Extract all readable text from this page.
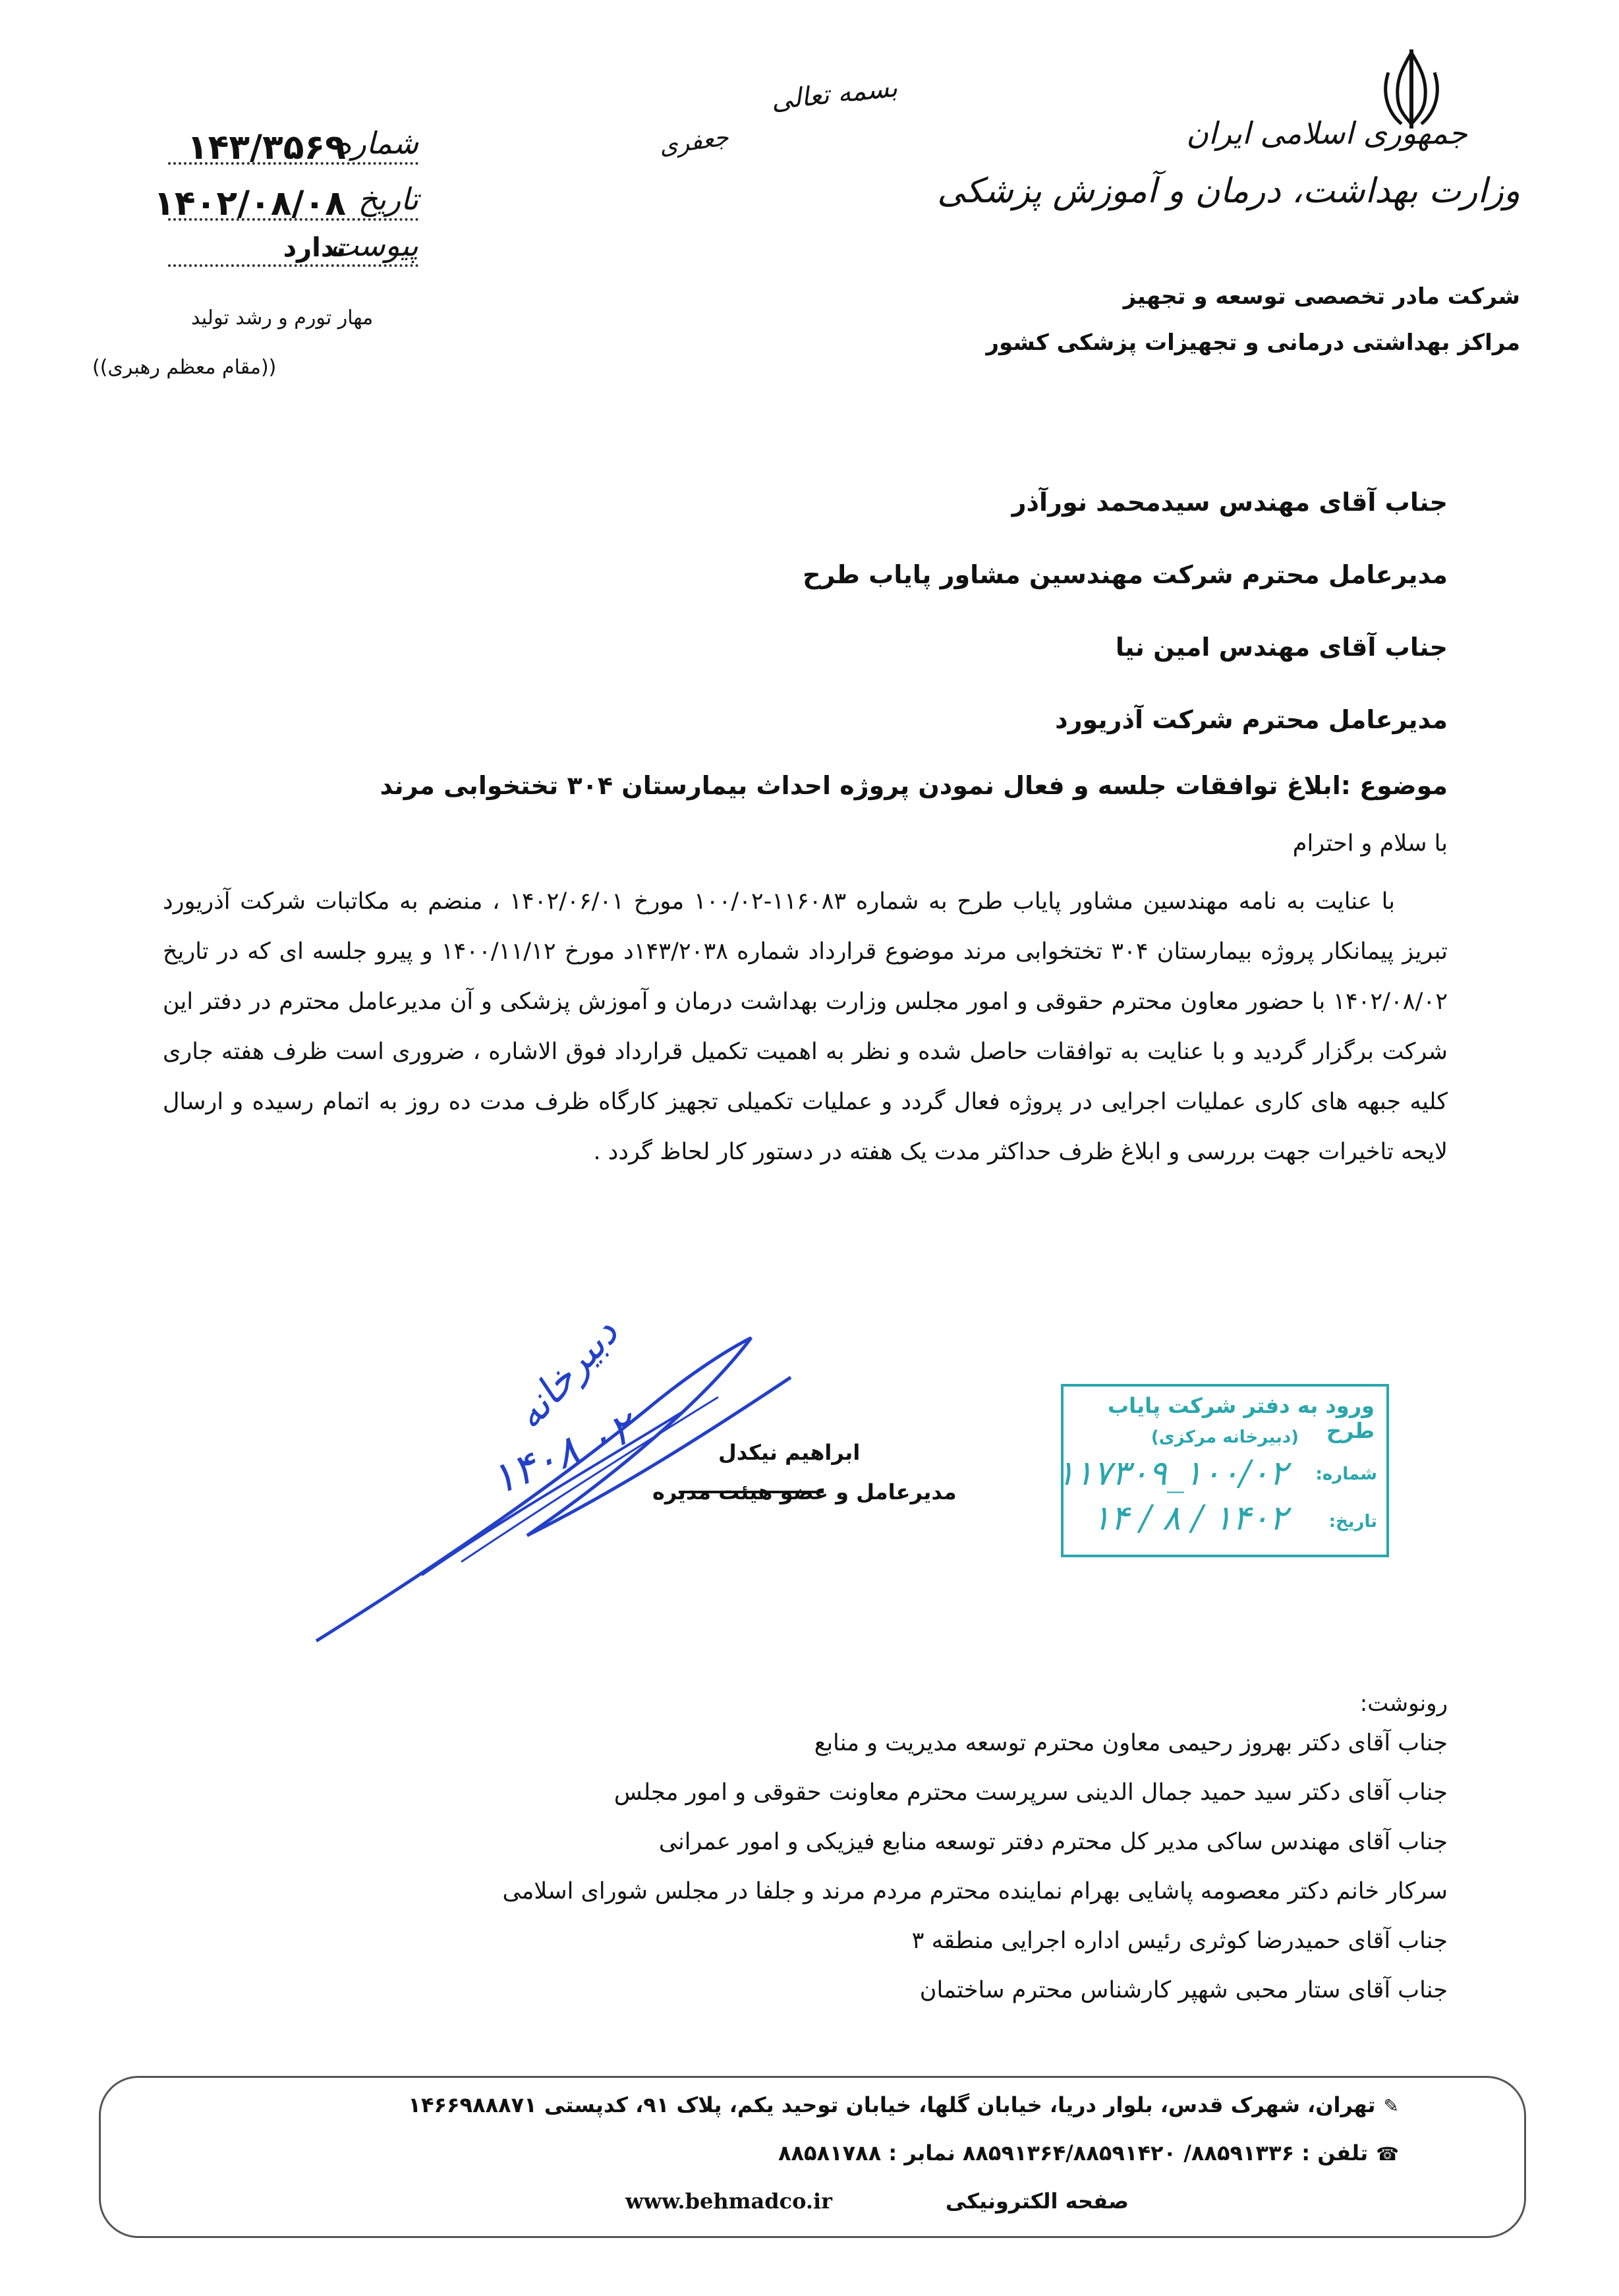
جمهوری اسلامی ایران
وزارت بهداشت، درمان و آموزش پزشکی
شرکت مادر تخصصی توسعه و تجهیز
مراکز بهداشتی درمانی و تجهیزات پزشکی کشور
بسمه تعالی
جعفری
شماره
۱۴۳/۳۵۶۹
تاریخ
۱۴۰۲/۰۸/۰۸
پیوست
ندارد
مهار تورم و رشد تولید
((مقام معظم رهبری))
جناب آقای مهندس سیدمحمد نورآذر
مدیرعامل محترم شرکت مهندسین مشاور پایاب طرح
جناب آقای مهندس امین نیا
مدیرعامل محترم شرکت آذریورد
موضوع :ابلاغ توافقات جلسه و فعال نمودن پروژه احداث بیمارستان ۳۰۴ تختخوابی مرند
با سلام و احترام
با عنایت به نامه مهندسین مشاور پایاب طرح به شماره ۱۱۶۰۸۳-۱۰۰/۰۲ مورخ ۱۴۰۲/۰۶/۰۱ ، منضم به مکاتبات شرکت آذریورد تبریز پیمانکار پروژه بیمارستان ۳۰۴ تختخوابی مرند موضوع قرارداد شماره ۱۴۳/۲۰۳۸د مورخ ۱۴۰۰/۱۱/۱۲ و پیرو جلسه ای که در تاریخ ۱۴۰۲/۰۸/۰۲ با حضور معاون محترم حقوقی و امور مجلس وزارت بهداشت درمان و آموزش پزشکی و آن مدیرعامل محترم در دفتر این شرکت برگزار گردید و با عنایت به توافقات حاصل شده و نظر به اهمیت تکمیل قرارداد فوق الاشاره ، ضروری است ظرف هفته جاری کلیه جبهه های کاری عملیات اجرایی در پروژه فعال گردد و عملیات تکمیلی تجهیز کارگاه ظرف مدت ده روز به اتمام رسیده و ارسال لایحه تاخیرات جهت بررسی و ابلاغ ظرف حداکثر مدت یک هفته در دستور کار لحاظ گردد .
دبیرخانه
۱۴۰۸ ۰۲	ابراهیم نیکدل
مدیرعامل و عضو هیئت مدیره
ورود به دفتر شرکت پایاب طرح
(دبیرخانه مرکزی)
شماره:
۱۰۰/۰۲_۱۱۷۳۰۹
تاریخ:
۱۴۰۲ / ۸ / ۱۴
رونوشت:
جناب آقای دکتر بهروز رحیمی معاون محترم توسعه مدیریت و منابع
جناب آقای دکتر سید حمید جمال الدینی سرپرست محترم معاونت حقوقی و امور مجلس
جناب آقای مهندس ساکی مدیر کل محترم دفتر توسعه منابع فیزیکی و امور عمرانی
سرکار خانم دکتر معصومه پاشایی بهرام نماینده محترم مردم مرند و جلفا در مجلس شورای اسلامی
جناب آقای حمیدرضا کوثری رئیس اداره اجرایی منطقه ۳
جناب آقای ستار محبی شهپر کارشناس محترم ساختمان
✎تهران، شهرک قدس، بلوار دریا، خیابان گلها، خیابان توحید یکم، پلاک ۹۱، کدپستی ۱۴۶۶۹۸۸۸۷۱
☎تلفن : ۸۸۵۹۱۳۳۶/ ۸۸۵۹۱۳۶۴/۸۸۵۹۱۴۲۰ نمابر : ۸۸۵۸۱۷۸۸
صفحه الکترونیکی
www.behmadco.ir
